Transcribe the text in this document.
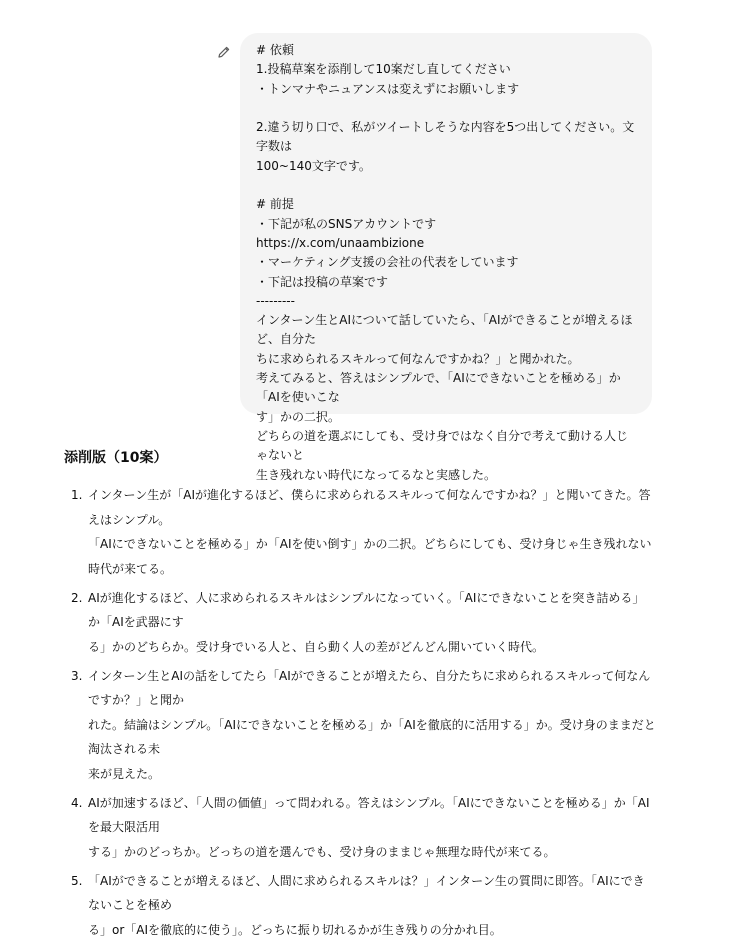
# 依頼
1.投稿草案を添削して10案だし直してください
・トンマナやニュアンスは変えずにお願いします
2.違う切り口で、私がツイートしそうな内容を5つ出してください。文字数は
100~140文字です。
# 前提
・下記が私のSNSアカウントです
https://x.com/unaambizione
・マーケティング支援の会社の代表をしています
・下記は投稿の草案です
---------
インターン生とAIについて話していたら、「AIができることが増えるほど、自分た
ちに求められるスキルって何なんですかね？」と聞かれた。
考えてみると、答えはシンプルで、「AIにできないことを極める」か「AIを使いこな
す」かの二択。
どちらの道を選ぶにしても、受け身ではなく自分で考えて動ける人じゃないと
生き残れない時代になってるなと実感した。
添削版（10案）
1. インターン生が「AIが進化するほど、僕らに求められるスキルって何なんですかね？」と聞いてきた。答えはシンプル。
「AIにできないことを極める」か「AIを使い倒す」かの二択。どちらにしても、受け身じゃ生き残れない時代が来てる。
2. AIが進化するほど、人に求められるスキルはシンプルになっていく。「AIにできないことを突き詰める」か「AIを武器にす
る」かのどちらか。受け身でいる人と、自ら動く人の差がどんどん開いていく時代。
3. インターン生とAIの話をしてたら「AIができることが増えたら、自分たちに求められるスキルって何なんですか？」と聞か
れた。結論はシンプル。「AIにできないことを極める」か「AIを徹底的に活用する」か。受け身のままだと淘汰される未
来が見えた。
4. AIが加速するほど、「人間の価値」って問われる。答えはシンプル。「AIにできないことを極める」か「AIを最大限活用
する」かのどっちか。どっちの道を選んでも、受け身のままじゃ無理な時代が来てる。
5. 「AIができることが増えるほど、人間に求められるスキルは？」インターン生の質問に即答。「AIにできないことを極め
る」or「AIを徹底的に使う」。どっちに振り切れるかが生き残りの分かれ目。
